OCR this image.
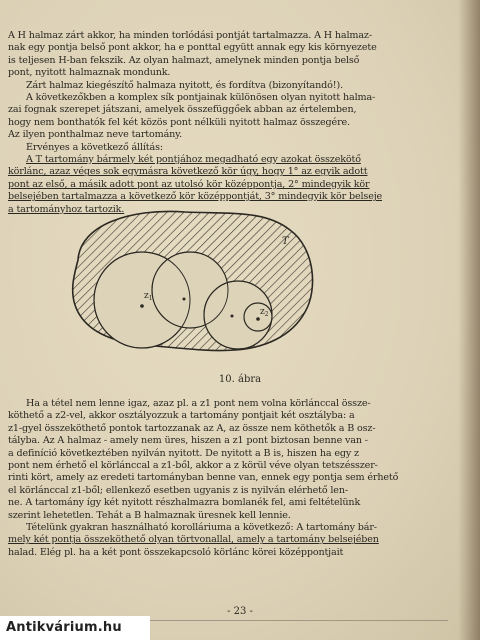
A H halmaz zárt akkor, ha minden torlódási pontját tartalmazza. A H halmaz-
nak egy pontja belső pont akkor, ha e ponttal együtt annak egy kis környezete
is teljesen H-ban fekszik. Az olyan halmazt, amelynek minden pontja belső
pont, nyitott halmaznak mondunk.
Zárt halmaz kiegészítő halmaza nyitott, és fordítva (bizonyítandó!).
A következőkben a komplex sík pontjainak különösen olyan nyitott halma-
zai fognak szerepet játszani, amelyek összefüggőek abban az értelemben,
hogy nem bonthatók fel két közös pont nélküli nyitott halmaz összegére.
Az ilyen ponthalmaz neve tartomány.
Érvényes a következő állítás:
A T tartomány bármely két pontjához megadható egy azokat összekötő
körlánc, azaz véges sok egymásra következő kör úgy, hogy 1° az egyik adott
pont az első, a másik adott pont az utolsó kör középpontja, 2° mindegyik kör
belsejében tartalmazza a következő kör középpontját, 3° mindegyik kör belseje
a tartományhoz tartozik.
$z_1$
$z_2$
T
10. ábra
Ha a tétel nem lenne igaz, azaz pl. a z1 pont nem volna körlánccal össze-
köthető a z2-vel, akkor osztályozzuk a tartomány pontjait két osztályba: a
z1-gyel összeköthető pontok tartozzanak az A, az össze nem köthetők a B osz-
tályba. Az A halmaz - amely nem üres, hiszen a z1 pont biztosan benne van -
a definíció következtében nyilván nyitott. De nyitott a B is, hiszen ha egy z
pont nem érhető el körlánccal a z1-ből, akkor a z körül véve olyan tetszésszer-
rinti kört, amely az eredeti tartományban benne van, ennek egy pontja sem érhető
el körlánccal z1-ből; ellenkező esetben ugyanis z is nyilván elérhető len-
ne. A tartomány így két nyitott részhalmazra bomlanék fel, ami feltételünk
szerint lehetetlen. Tehát a B halmaznak üresnek kell lennie.
Tételünk gyakran használható korolláriuma a következő: A tartomány bár-
mely két pontja összeköthető olyan törtvonallal, amely a tartomány belsejében
halad. Elég pl. ha a két pont összekapcsoló körlánc körei középpontjait
- 23 -
Antikvárium.hu
